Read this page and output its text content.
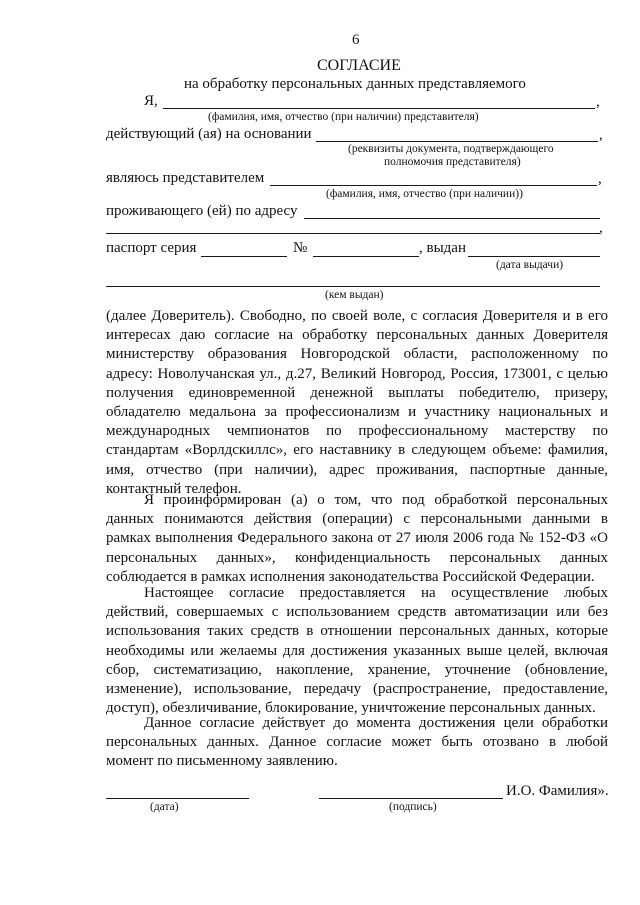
6
СОГЛАСИЕ
на обработку персональных данных представляемого
Я,	,
(фамилия, имя, отчество (при наличии) представителя)
действующий (ая) на основании	,
(реквизиты документа, подтверждающего
полномочия представителя)
являюсь представителем	,
(фамилия, имя, отчество (при наличии))
проживающего (ей) по адресу
,
паспорт серия	№	, выдан
(дата выдачи)
(кем выдан)
(далее Доверитель). Свободно, по своей воле, с согласия Доверителя и в его интересах даю согласие на обработку персональных данных Доверителя министерству образования Новгородской области, расположенному по адресу: Новолучанская ул., д.27, Великий Новгород, Россия, 173001, с целью получения единовременной денежной выплаты победителю, призеру, обладателю медальона за профессионализм и участнику национальных и международных чемпионатов по профессиональному мастерству по стандартам «Ворлдскиллс», его наставнику в следующем объеме: фамилия, имя, отчество (при наличии), адрес проживания, паспортные данные, контактный телефон.
Я проинформирован (а) о том, что под обработкой персональных данных понимаются действия (операции) с персональными данными в рамках выполнения Федерального закона от 27 июля 2006 года № 152-ФЗ «О персональных данных», конфиденциальность персональных данных соблюдается в рамках исполнения законодательства Российской Федерации.
Настоящее согласие предоставляется на осуществление любых действий, совершаемых с использованием средств автоматизации или без использования таких средств в отношении персональных данных, которые необходимы или желаемы для достижения указанных выше целей, включая сбор, систематизацию, накопление, хранение, уточнение (обновление, изменение), использование, передачу (распространение, предоставление, доступ), обезличивание, блокирование, уничтожение персональных данных.
Данное согласие действует до момента достижения цели обработки персональных данных. Данное согласие может быть отозвано в любой момент по письменному заявлению.
(дата)	(подпись)
И.О. Фамилия».
